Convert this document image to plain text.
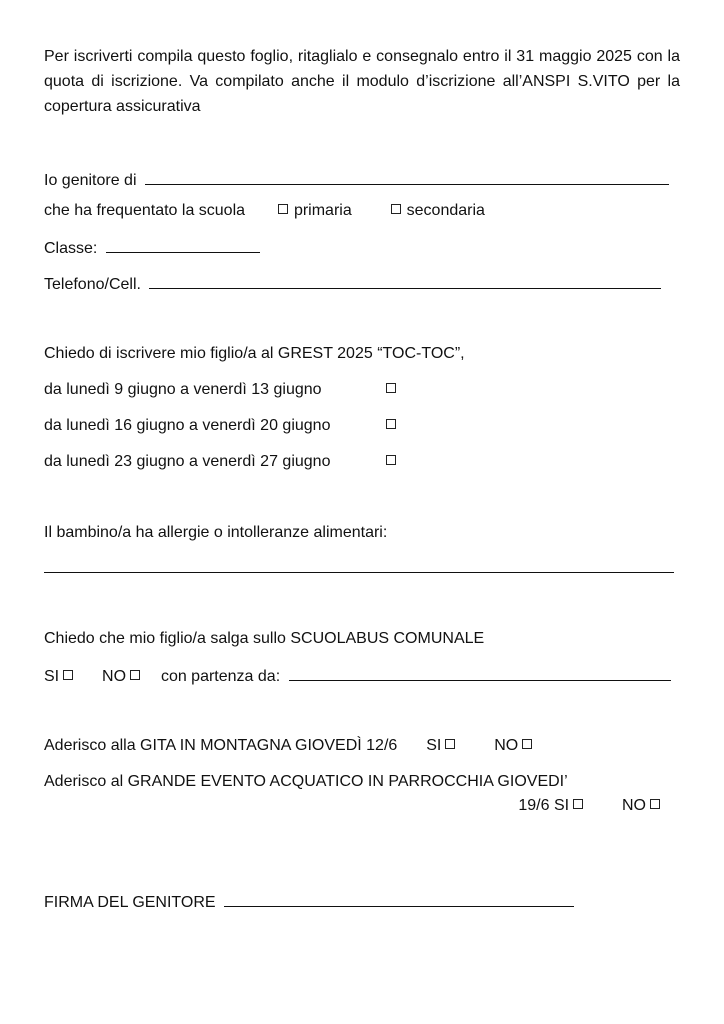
Per iscriverti compila questo foglio, ritaglialo e consegnalo entro il 31 maggio 2025 con la quota di iscrizione. Va compilato anche il modulo d’iscrizione all’ANSPI S.VITO per la copertura assicurativa
Io genitore di
che ha frequentato la scuola	primaria	secondaria
Classe:
Telefono/Cell.
Chiedo di iscrivere mio figlio/a al GREST 2025 “TOC-TOC”,
da lunedì 9 giugno a venerdì 13 giugno
da lunedì 16 giugno a venerdì 20 giugno
da lunedì 23 giugno a venerdì 27 giugno
Il bambino/a ha allergie o intolleranze alimentari:
Chiedo che mio figlio/a salga sullo SCUOLABUS COMUNALE
SI	NO con partenza da:
Aderisco alla GITA IN MONTAGNA GIOVEDÌ 12/6 SI	NO
Aderisco al GRANDE EVENTO ACQUATICO IN PARROCCHIA GIOVEDI’
19/6 SI	NO
FIRMA DEL GENITORE
